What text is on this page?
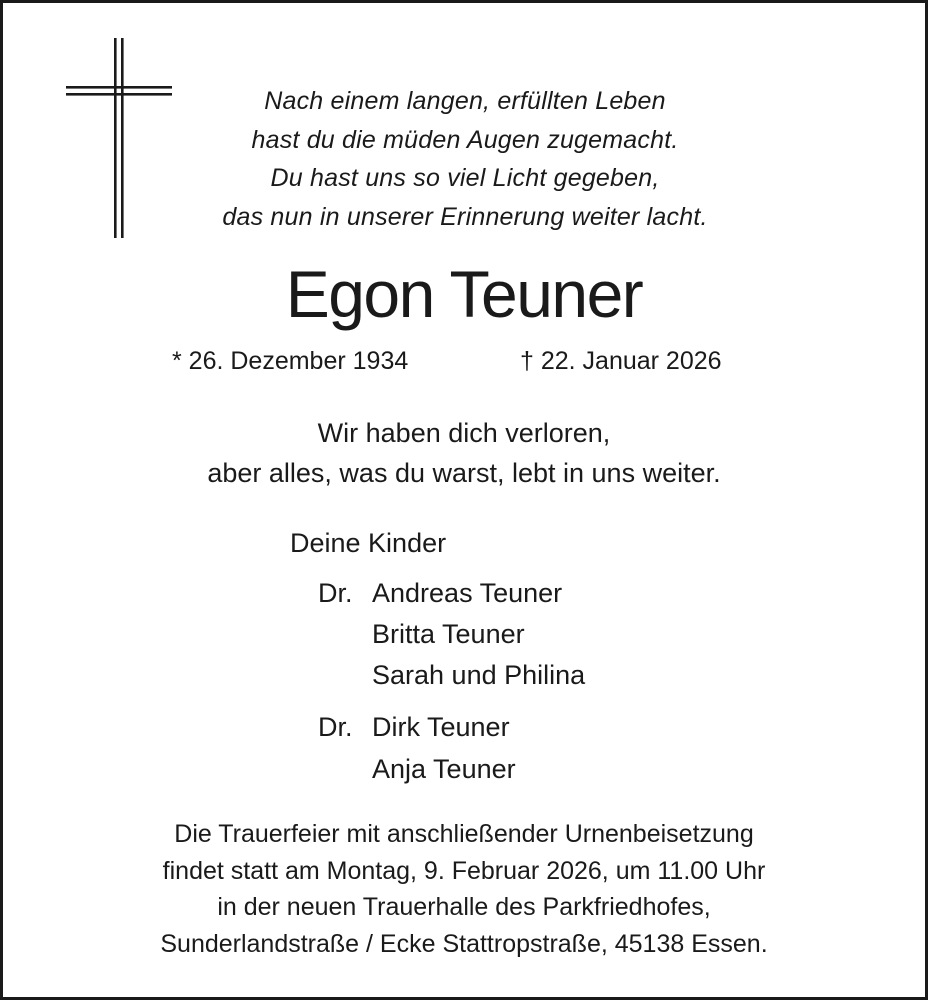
Nach einem langen, erfüllten Leben
hast du die müden Augen zugemacht.
Du hast uns so viel Licht gegeben,
das nun in unserer Erinnerung weiter lacht.
Egon Teuner
* 26. Dezember 1934	† 22. Januar 2026
Wir haben dich verloren,
aber alles, was du warst, lebt in uns weiter.
Deine Kinder
Dr. Andreas Teuner
Britta Teuner
Sarah und Philina
Dr. Dirk Teuner
Anja Teuner
Die Trauerfeier mit anschließender Urnenbeisetzung
findet statt am Montag, 9. Februar 2026, um 11.00 Uhr
in der neuen Trauerhalle des Parkfriedhofes,
Sunderlandstraße / Ecke Stattropstraße, 45138 Essen.
